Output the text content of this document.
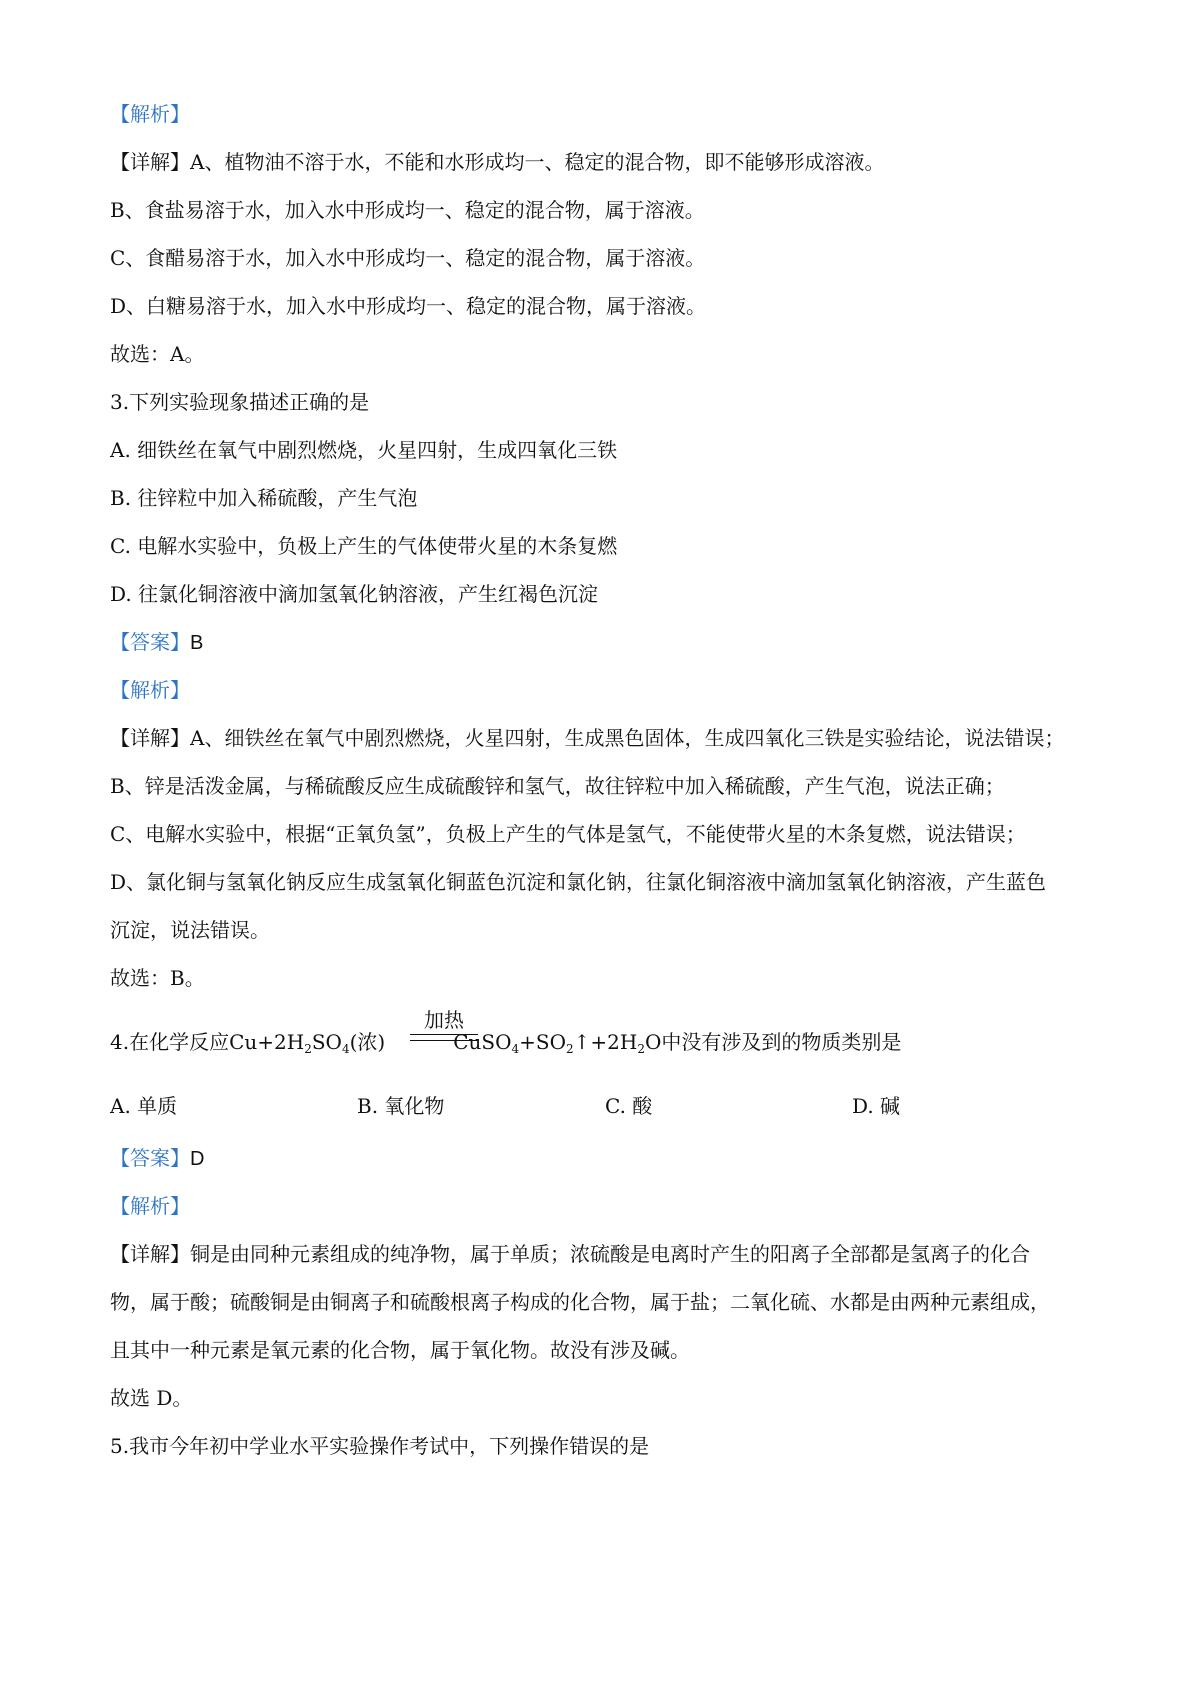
【解析】
【详解】A、植物油不溶于水，不能和水形成均一、稳定的混合物，即不能够形成溶液。
B、食盐易溶于水，加入水中形成均一、稳定的混合物，属于溶液。
C、食醋易溶于水，加入水中形成均一、稳定的混合物，属于溶液。
D、白糖易溶于水，加入水中形成均一、稳定的混合物，属于溶液。
故选：A。
3.下列实验现象描述正确的是
A. 细铁丝在氧气中剧烈燃烧，火星四射，生成四氧化三铁
B. 往锌粒中加入稀硫酸，产生气泡
C. 电解水实验中，负极上产生的气体使带火星的木条复燃
D. 往氯化铜溶液中滴加氢氧化钠溶液，产生红褐色沉淀
【解析】
【详解】A、细铁丝在氧气中剧烈燃烧，火星四射，生成黑色固体，生成四氧化三铁是实验结论，说法错误；
B、锌是活泼金属，与稀硫酸反应生成硫酸锌和氢气，故往锌粒中加入稀硫酸，产生气泡，说法正确；
C、电解水实验中，根据“正氧负氢”，负极上产生的气体是氢气，不能使带火星的木条复燃，说法错误；
D、氯化铜与氢氧化钠反应生成氢氧化铜蓝色沉淀和氯化钠，往氯化铜溶液中滴加氢氧化钠溶液，产生蓝色
沉淀，说法错误。
故选：B。
【解析】
【详解】铜是由同种元素组成的纯净物，属于单质；浓硫酸是电离时产生的阳离子全部都是氢离子的化合
物，属于酸；硫酸铜是由铜离子和硫酸根离子构成的化合物，属于盐；二氧化硫、水都是由两种元素组成，
且其中一种元素是氧元素的化合物，属于氧化物。故没有涉及碱。
故选 D。
5.我市今年初中学业水平实验操作考试中，下列操作错误的是
【答案】B
4.在化学反应$Cu+2H_2SO_4$(浓)	$CuSO_4+SO_2↑+2H_2O$中没有涉及到的物质类别是
加热
A. 单质	B. 氧化物	C. 酸	D. 碱
【答案】D
